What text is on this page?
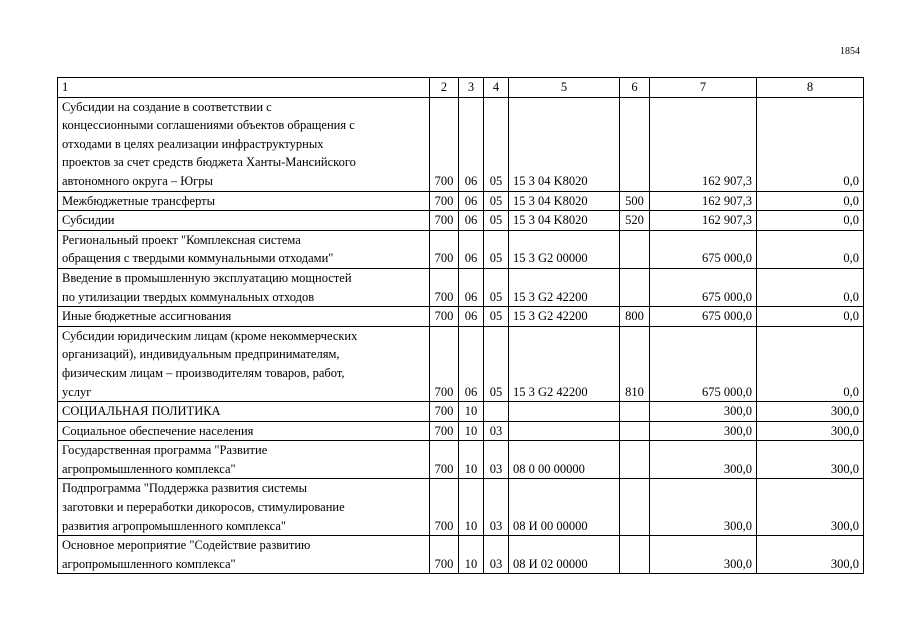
1854
1	2	3	4	5	6	7	8
Субсидии на создание в соответствии с
концессионными соглашениями объектов обращения с
отходами в целях реализации инфраструктурных
проектов за счет средств бюджета Ханты-Мансийского
автономного округа – Югры	700	06	05	15 3 04 K8020		162 907,3	0,0
Межбюджетные трансферты	700	06	05	15 3 04 K8020	500	162 907,3	0,0
Субсидии	700	06	05	15 3 04 K8020	520	162 907,3	0,0
Региональный проект "Комплексная система
обращения с твердыми коммунальными отходами"	700	06	05	15 3 G2 00000		675 000,0	0,0
Введение в промышленную эксплуатацию мощностей
по утилизации твердых коммунальных отходов	700	06	05	15 3 G2 42200		675 000,0	0,0
Иные бюджетные ассигнования	700	06	05	15 3 G2 42200	800	675 000,0	0,0
Субсидии юридическим лицам (кроме некоммерческих
организаций), индивидуальным предпринимателям,
физическим лицам – производителям товаров, работ,
услуг	700	06	05	15 3 G2 42200	810	675 000,0	0,0
СОЦИАЛЬНАЯ ПОЛИТИКА	700	10				300,0	300,0
Социальное обеспечение населения	700	10	03			300,0	300,0
Государственная программа "Развитие
агропромышленного комплекса"	700	10	03	08 0 00 00000		300,0	300,0
Подпрограмма "Поддержка развития системы
заготовки и переработки дикоросов, стимулирование
развития агропромышленного комплекса"	700	10	03	08 И 00 00000		300,0	300,0
Основное мероприятие "Содействие развитию
агропромышленного комплекса"	700	10	03	08 И 02 00000		300,0	300,0
